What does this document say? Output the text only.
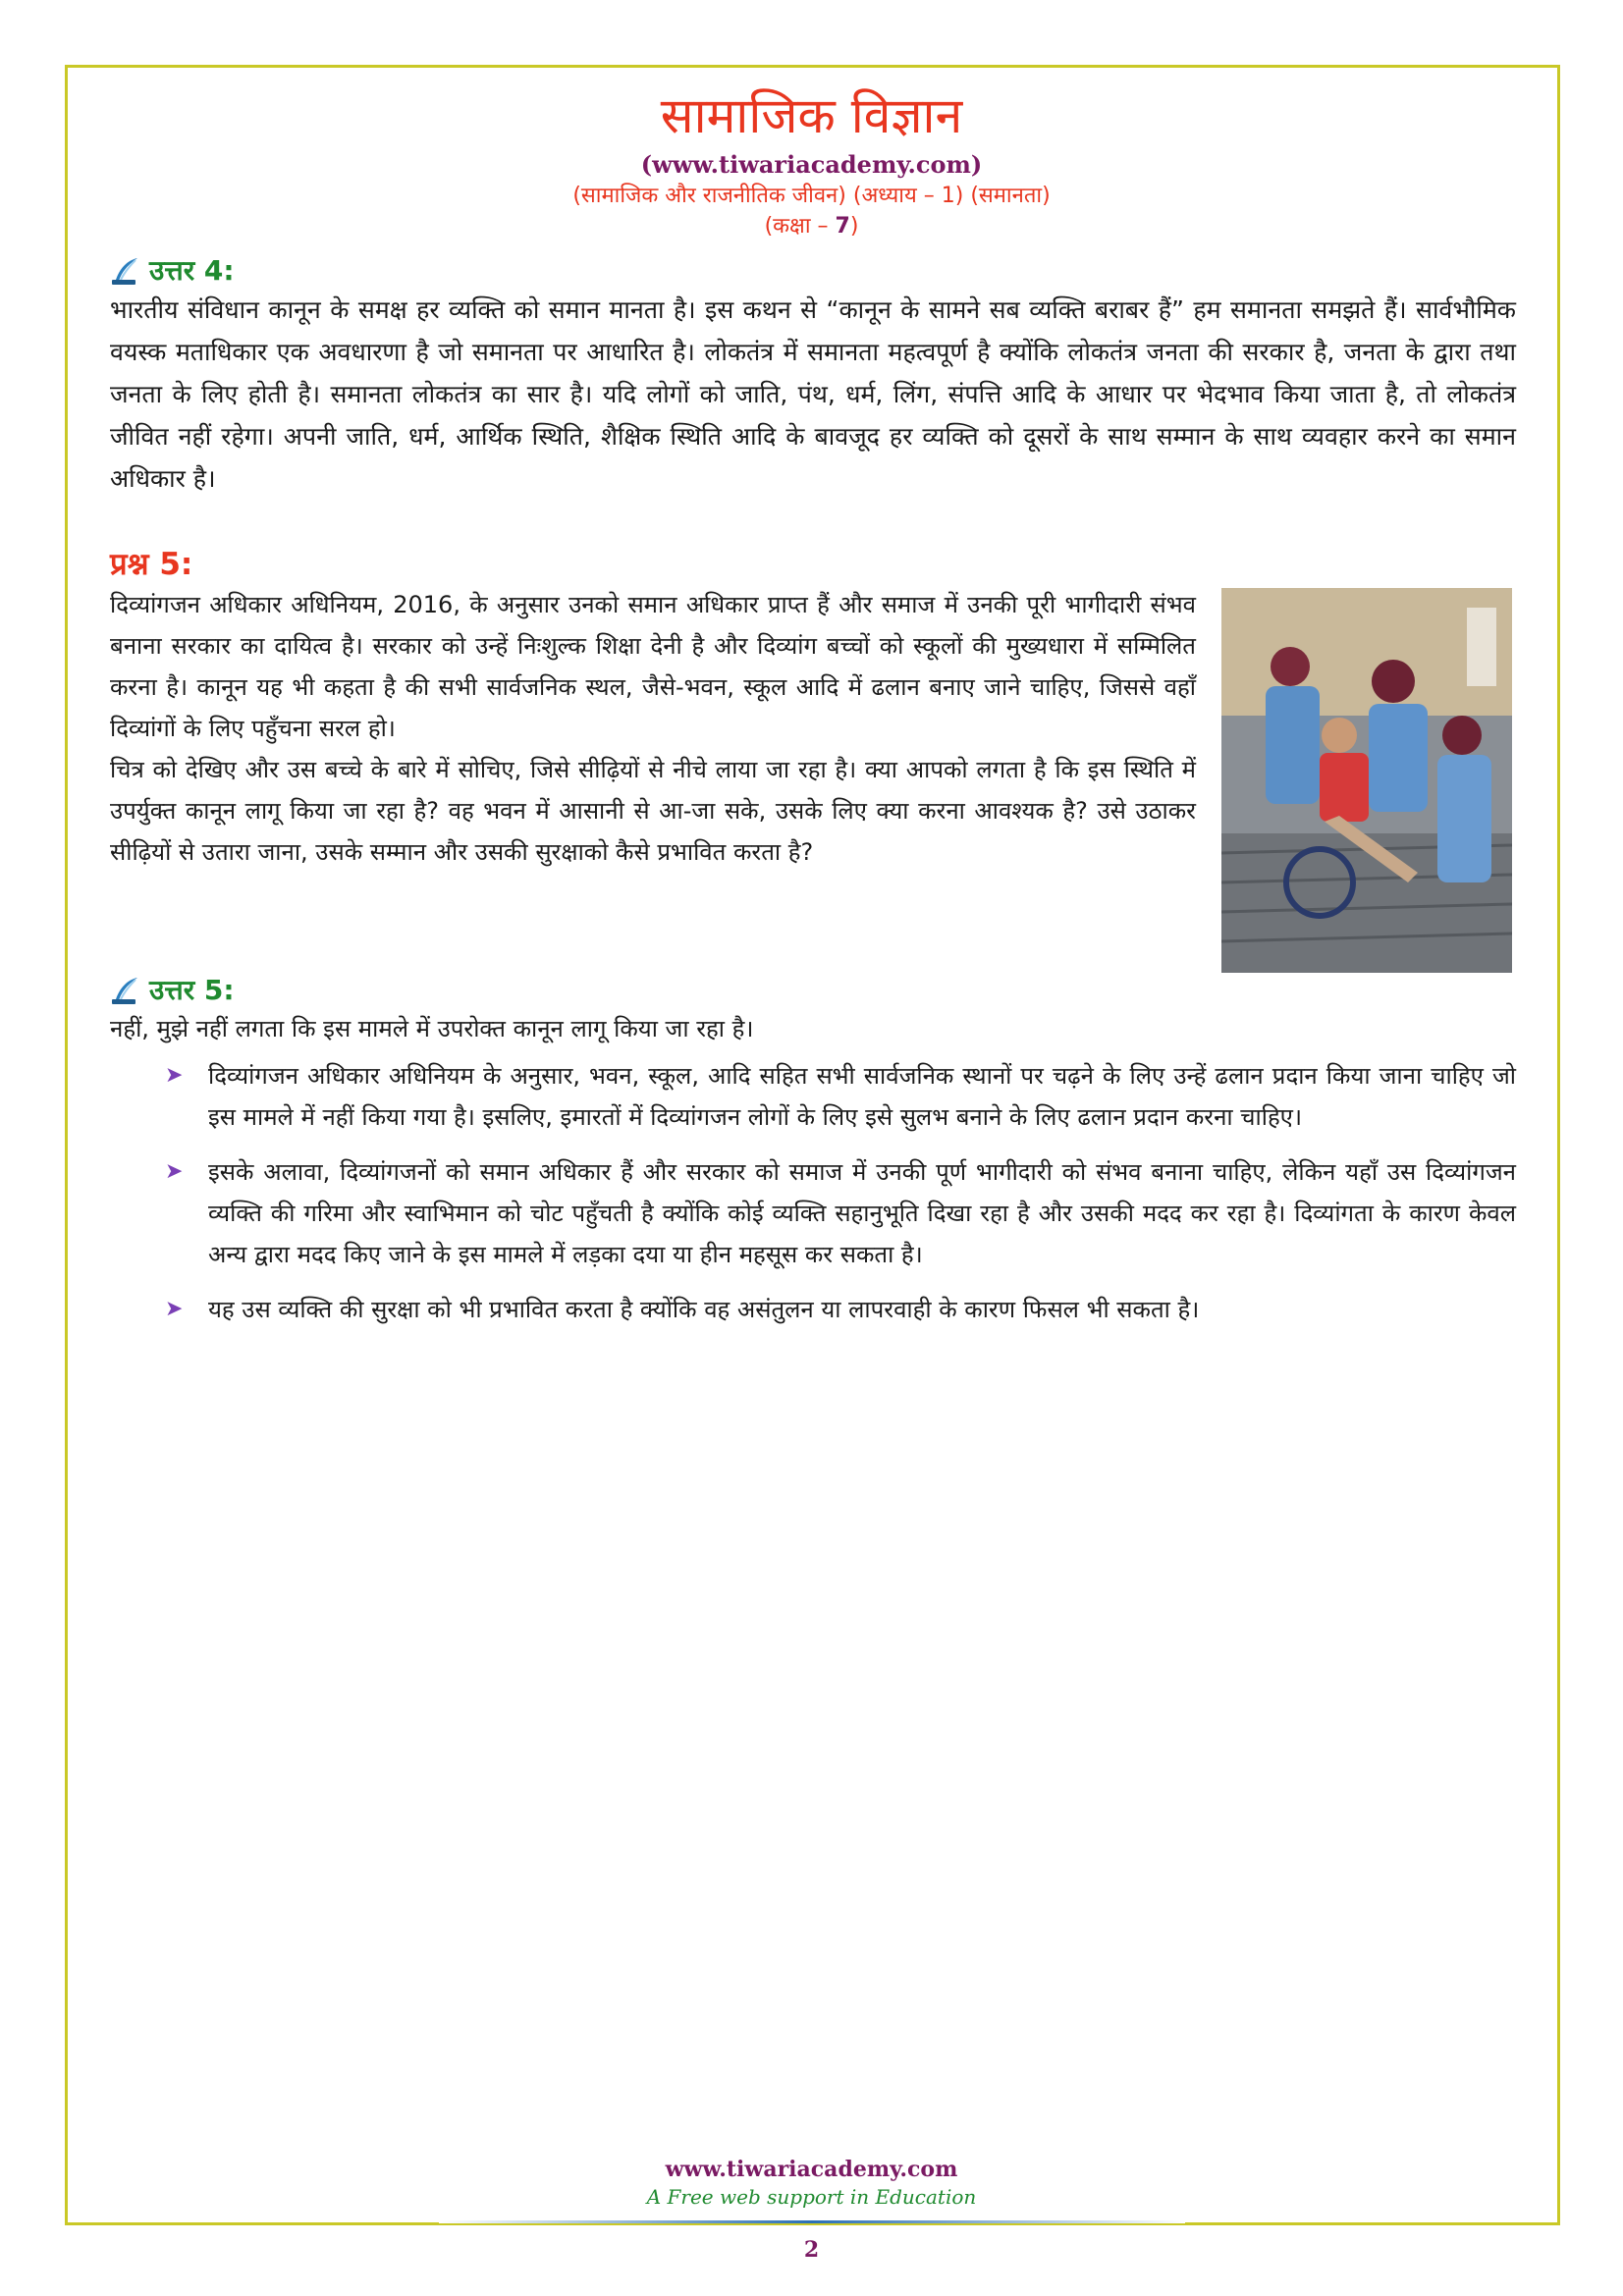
सामाजिक विज्ञान
(www.tiwariacademy.com)
(सामाजिक और राजनीतिक जीवन) (अध्याय – 1) (समानता)
(कक्षा – 7)
उत्तर 4:

भारतीय संविधान कानून के समक्ष हर व्यक्ति को समान मानता है। इस कथन से “कानून के सामने सब व्यक्ति बराबर हैं” हम समानता समझते हैं। सार्वभौमिक वयस्क मताधिकार एक अवधारणा है जो समानता पर आधारित है। लोकतंत्र में समानता महत्वपूर्ण है क्योंकि लोकतंत्र जनता की सरकार है, जनता के द्वारा तथा जनता के लिए होती है। समानता लोकतंत्र का सार है। यदि लोगों को जाति, पंथ, धर्म, लिंग, संपत्ति आदि के आधार पर भेदभाव किया जाता है, तो लोकतंत्र जीवित नहीं रहेगा। अपनी जाति, धर्म, आर्थिक स्थिति, शैक्षिक स्थिति आदि के बावजूद हर व्यक्ति को दूसरों के साथ सम्मान के साथ व्यवहार करने का समान अधिकार है।

प्रश्न 5:

दिव्यांगजन अधिकार अधिनियम, 2016, के अनुसार उनको समान अधिकार प्राप्त हैं और समाज में उनकी पूरी भागीदारी संभव बनाना सरकार का दायित्व है। सरकार को उन्हें निःशुल्क शिक्षा देनी है और दिव्यांग बच्चों को स्कूलों की मुख्यधारा में सम्मिलित करना है। कानून यह भी कहता है की सभी सार्वजनिक स्थल, जैसे-भवन, स्कूल आदि में ढलान बनाए जाने चाहिए, जिससे वहाँ दिव्यांगों के लिए पहुँचना सरल हो।

चित्र को देखिए और उस बच्चे के बारे में सोचिए, जिसे सीढ़ियों से नीचे लाया जा रहा है। क्या आपको लगता है कि इस स्थिति में उपर्युक्त कानून लागू किया जा रहा है? वह भवन में आसानी से आ-जा सके, उसके लिए क्या करना आवश्यक है? उसे उठाकर सीढ़ियों से उतारा जाना, उसके सम्मान और उसकी सुरक्षाको कैसे प्रभावित करता है?

उत्तर 5:

नहीं, मुझे नहीं लगता कि इस मामले में उपरोक्त कानून लागू किया जा रहा है।

➤ दिव्यांगजन अधिकार अधिनियम के अनुसार, भवन, स्कूल, आदि सहित सभी सार्वजनिक स्थानों पर चढ़ने के लिए उन्हें ढलान प्रदान किया जाना चाहिए जो इस मामले में नहीं किया गया है। इसलिए, इमारतों में दिव्यांगजन लोगों के लिए इसे सुलभ बनाने के लिए ढलान प्रदान करना चाहिए।
➤ इसके अलावा, दिव्यांगजनों को समान अधिकार हैं और सरकार को समाज में उनकी पूर्ण भागीदारी को संभव बनाना चाहिए, लेकिन यहाँ उस दिव्यांगजन व्यक्ति की गरिमा और स्वाभिमान को चोट पहुँचती है क्योंकि कोई व्यक्ति सहानुभूति दिखा रहा है और उसकी मदद कर रहा है। दिव्यांगता के कारण केवल अन्य द्वारा मदद किए जाने के इस मामले में लड़का दया या हीन महसूस कर सकता है।
➤ यह उस व्यक्ति की सुरक्षा को भी प्रभावित करता है क्योंकि वह असंतुलन या लापरवाही के कारण फिसल भी सकता है।
www.tiwariacademy.com
A Free web support in Education
2
